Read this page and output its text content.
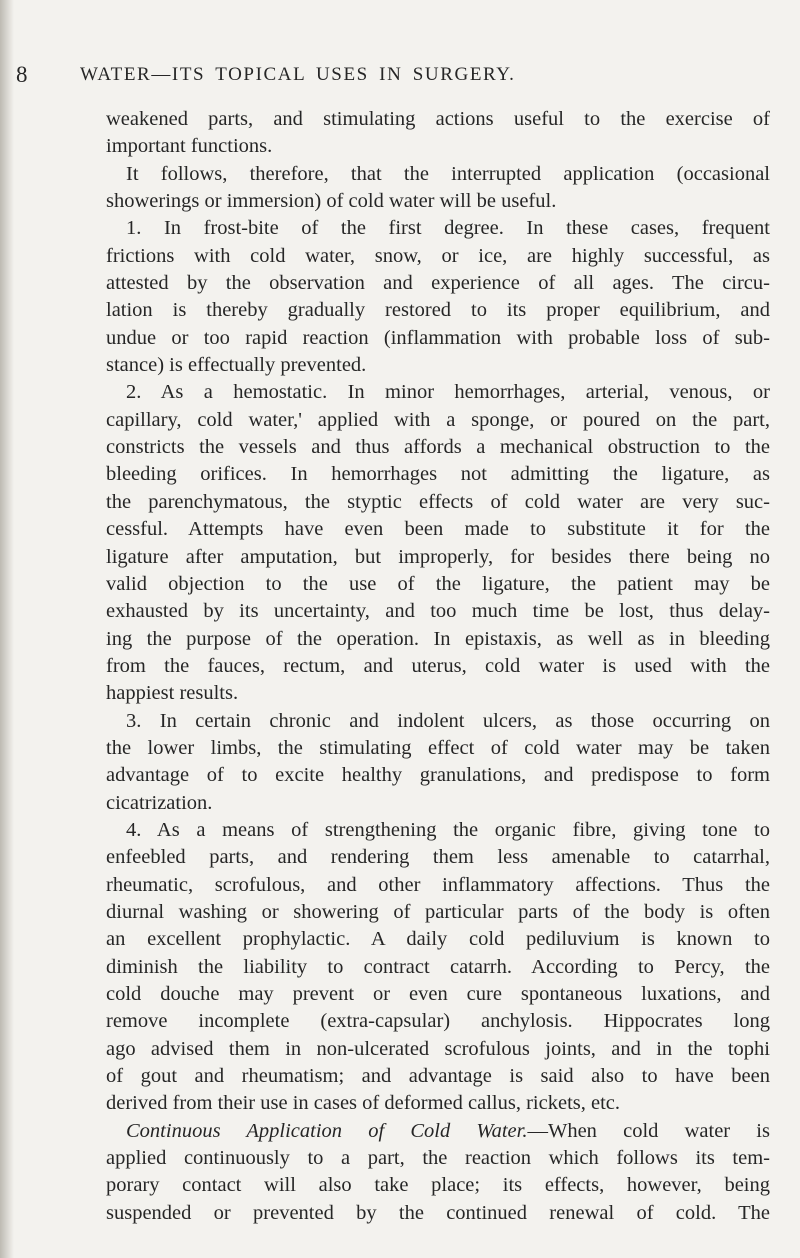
8	WATER—ITS TOPICAL USES IN SURGERY.
weakened parts, and stimulating actions useful to the exercise of
important functions.
It follows, therefore, that the interrupted application (occasional
showerings or immersion) of cold water will be useful.
1. In frost-bite of the first degree. In these cases, frequent
frictions with cold water, snow, or ice, are highly successful, as
attested by the observation and experience of all ages. The circu-
lation is thereby gradually restored to its proper equilibrium, and
undue or too rapid reaction (inflammation with probable loss of sub-
stance) is effectually prevented.
2. As a hemostatic. In minor hemorrhages, arterial, venous, or
capillary, cold water,' applied with a sponge, or poured on the part,
constricts the vessels and thus affords a mechanical obstruction to the
bleeding orifices. In hemorrhages not admitting the ligature, as
the parenchymatous, the styptic effects of cold water are very suc-
cessful. Attempts have even been made to substitute it for the
ligature after amputation, but improperly, for besides there being no
valid objection to the use of the ligature, the patient may be
exhausted by its uncertainty, and too much time be lost, thus delay-
ing the purpose of the operation. In epistaxis, as well as in bleeding
from the fauces, rectum, and uterus, cold water is used with the
happiest results.
3. In certain chronic and indolent ulcers, as those occurring on
the lower limbs, the stimulating effect of cold water may be taken
advantage of to excite healthy granulations, and predispose to form
cicatrization.
4. As a means of strengthening the organic fibre, giving tone to
enfeebled parts, and rendering them less amenable to catarrhal,
rheumatic, scrofulous, and other inflammatory affections. Thus the
diurnal washing or showering of particular parts of the body is often
an excellent prophylactic. A daily cold pediluvium is known to
diminish the liability to contract catarrh. According to Percy, the
cold douche may prevent or even cure spontaneous luxations, and
remove incomplete (extra-capsular) anchylosis. Hippocrates long
ago advised them in non-ulcerated scrofulous joints, and in the tophi
of gout and rheumatism; and advantage is said also to have been
derived from their use in cases of deformed callus, rickets, etc.
Continuous Application of Cold Water.—When cold water is
applied continuously to a part, the reaction which follows its tem-
porary contact will also take place; its effects, however, being
suspended or prevented by the continued renewal of cold. The
